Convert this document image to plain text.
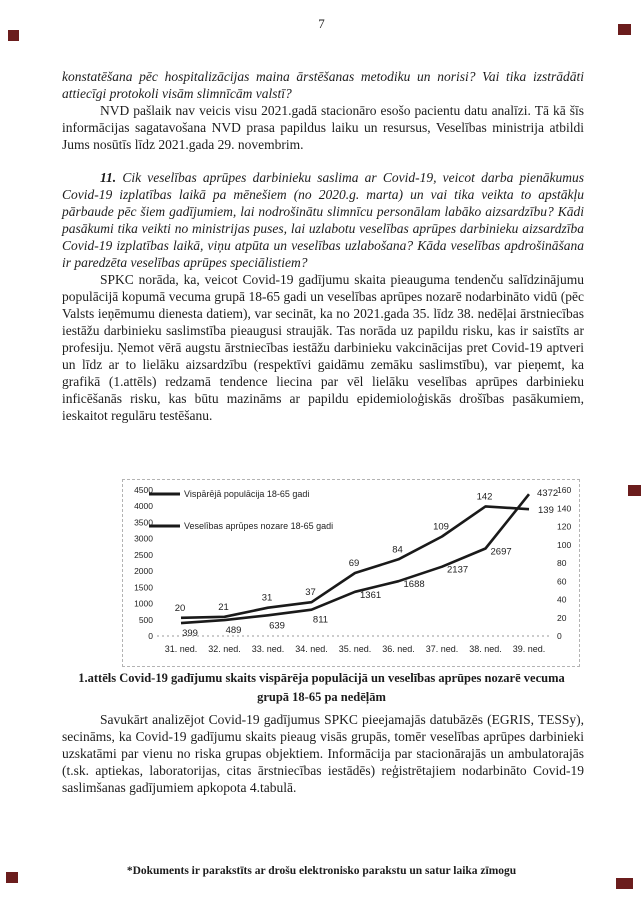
7

konstatēšana pēc hospitalizācijas maina ārstēšanas metodiku un norisi? Vai tika izstrādāti attiecīgi protokoli visām slimnīcām valstī?

NVD pašlaik nav veicis visu 2021.gadā stacionāro esošo pacientu datu analīzi. Tā kā šīs informācijas sagatavošana NVD prasa papildus laiku un resursus, Veselības ministrija atbildi Jums nosūtīs līdz 2021.gada 29. novembrim.

11. Cik veselības aprūpes darbinieku saslima ar Covid-19, veicot darba pienākumus Covid-19 izplatības laikā pa mēnešiem (no 2020.g. marta) un vai tika veikta to apstākļu pārbaude pēc šiem gadījumiem, lai nodrošinātu slimnīcu personālam labāko aizsardzību? Kādi pasākumi tika veikti no ministrijas puses, lai uzlabotu veselības aprūpes darbinieku aizsardzība Covid-19 izplatības laikā, viņu atpūta un veselības uzlabošana? Kāda veselības apdrošināšana ir paredzēta veselības aprūpes speciālistiem?

SPKC norāda, ka, veicot Covid-19 gadījumu skaita pieauguma tendenču salīdzinājumu populācijā kopumā vecuma grupā 18-65 gadi un veselības aprūpes nozarē nodarbināto vidū (pēc Valsts ieņēmumu dienesta datiem), var secināt, ka no 2021.gada 35. līdz 38. nedēļai ārstniecības iestāžu darbinieku saslimstība pieaugusi straujāk. Tas norāda uz papildu risku, kas ir saistīts ar profesiju. Ņemot vērā augstu ārstniecības iestāžu darbinieku vakcinācijas pret Covid-19 aptveri un līdz ar to lielāku aizsardzību (respektīvi gaidāmu zemāku saslimstību), var pieņemt, ka grafikā (1.attēls) redzamā tendence liecina par vēl lielāku veselības aprūpes darbinieku inficēšanās risku, kas būtu mazināms ar papildu epidemioloģiskās drošības pasākumiem, ieskaitot regulāru testēšanu.

4500
4000
3500
3000
2500
2000
1500
1000
500
0
160
140
120
100
80
60
40
20
0
31. ned. 32. ned. 33. ned. 34. ned. 35. ned. 36. ned. 37. ned. 38. ned. 39. ned.
Vispārējā populācija 18-65 gadi
Veselības aprūpes nozare 18-65 gadi
399	489	639
811
1361
1688
2137
2697
4372
20	21
31	37
69
84
109
142
139
1.attēls Covid-19 gadījumu skaits vispārēja populācijā un veselības aprūpes nozarē vecuma grupā 18-65 pa nedēļām

Savukārt analizējot Covid-19 gadījumus SPKC pieejamajās datubāzēs (EGRIS, TESSy), secināms, ka Covid-19 gadījumu skaits pieaug visās grupās, tomēr veselības aprūpes darbinieki uzskatāmi par vienu no riska grupas objektiem. Informācija par stacionārajās un ambulatorajās (t.sk. aptiekas, laboratorijas, citas ārstniecības iestādēs) reģistrētajiem nodarbināto Covid-19 saslimšanas gadījumiem apkopota 4.tabulā.

*Dokuments ir parakstīts ar drošu elektronisko parakstu un satur laika zīmogu
